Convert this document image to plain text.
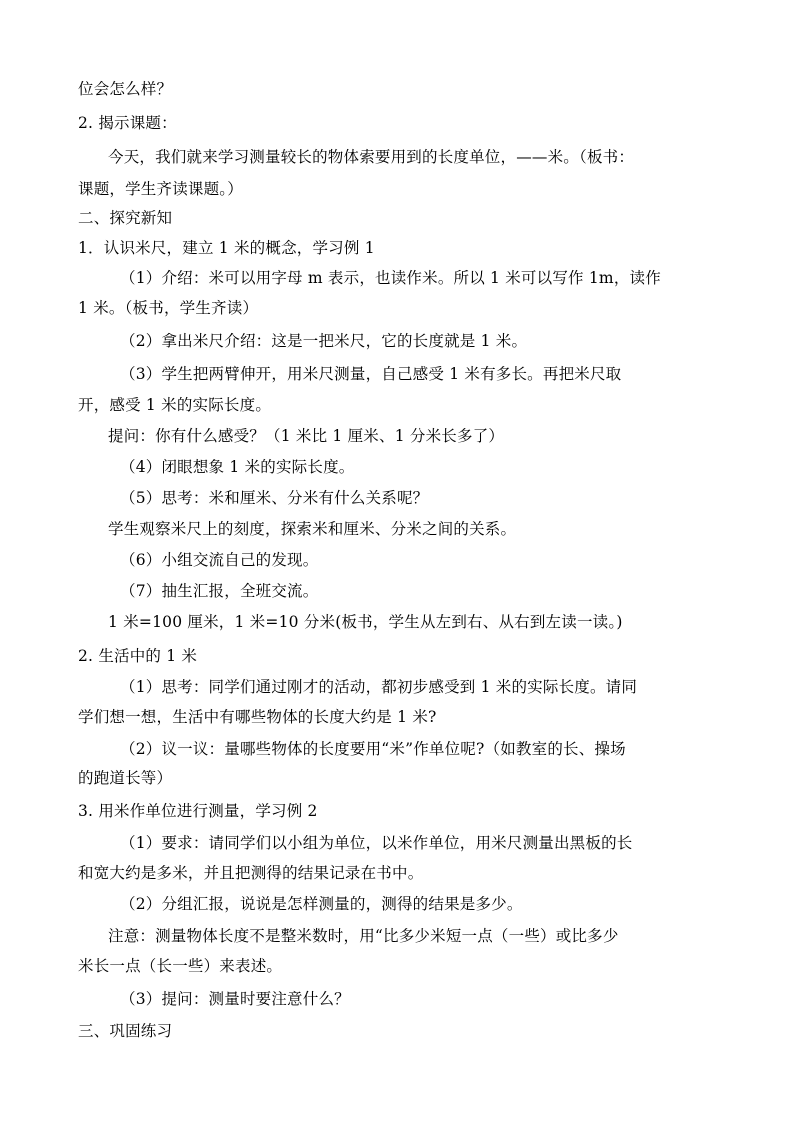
位会怎么样？
2. 揭示课题：
今天，我们就来学习测量较长的物体索要用到的长度单位，——米。（板书：
课题，学生齐读课题。）
二、探究新知
1．认识米尺，建立 1 米的概念，学习例 1
（1）介绍：米可以用字母 m 表示，也读作米。所以 1 米可以写作 1m，读作
1 米。（板书，学生齐读）
（2）拿出米尺介绍：这是一把米尺，它的长度就是 1 米。
（3）学生把两臂伸开，用米尺测量，自己感受 1 米有多长。再把米尺取
开，感受 1 米的实际长度。
提问：你有什么感受？（1 米比 1 厘米、1 分米长多了）
（4）闭眼想象 1 米的实际长度。
（5）思考：米和厘米、分米有什么关系呢？
学生观察米尺上的刻度，探索米和厘米、分米之间的关系。
（6）小组交流自己的发现。
（7）抽生汇报，全班交流。
1 米=100 厘米，1 米=10 分米(板书，学生从左到右、从右到左读一读。)
2. 生活中的 1 米
（1）思考：同学们通过刚才的活动，都初步感受到 1 米的实际长度。请同
学们想一想，生活中有哪些物体的长度大约是 1 米?
（2）议一议：量哪些物体的长度要用“米”作单位呢?（如教室的长、操场
的跑道长等）
3. 用米作单位进行测量，学习例 2
（1）要求：请同学们以小组为单位，以米作单位，用米尺测量出黑板的长
和宽大约是多米，并且把测得的结果记录在书中。
（2）分组汇报，说说是怎样测量的，测得的结果是多少。
注意：测量物体长度不是整米数时，用“比多少米短一点（一些）或比多少
米长一点（长一些）来表述。
（3）提问：测量时要注意什么？
三、巩固练习
